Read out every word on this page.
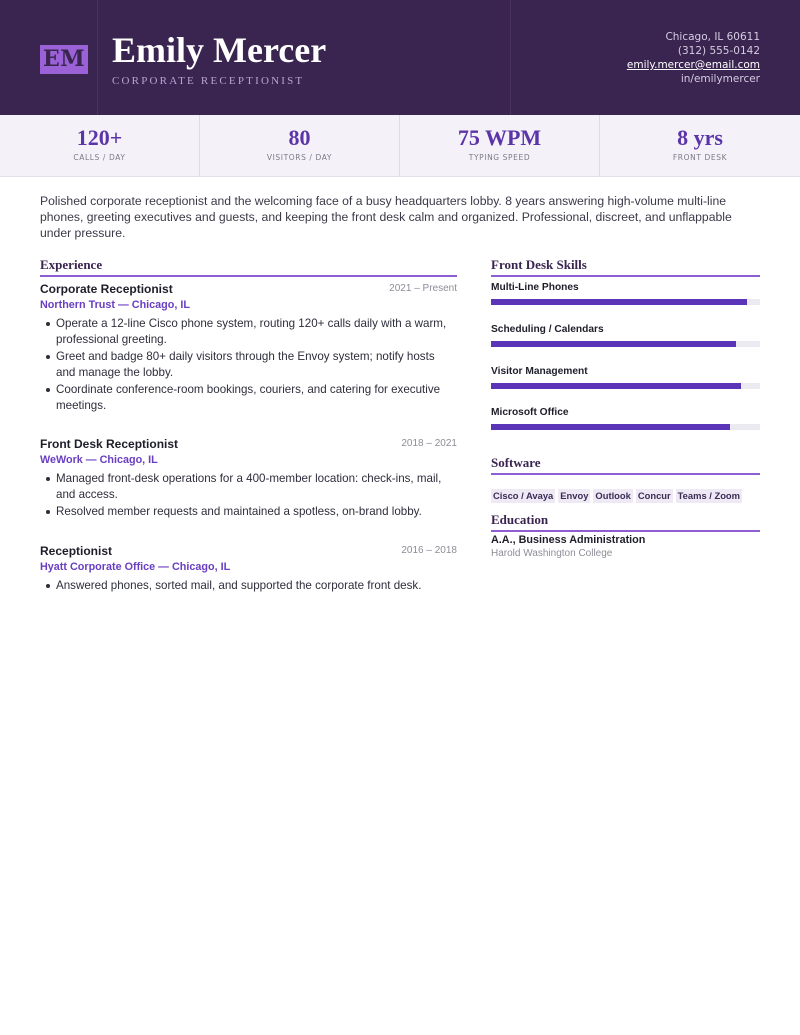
EM Emily Mercer
CORPORATE RECEPTIONIST
Chicago, IL 60611
(312) 555-0142
emily.mercer@email.com
in/emilymercer
120+
CALLS / DAY
80
VISITORS / DAY
75 WPM
TYPING SPEED
8 yrs
FRONT DESK
Polished corporate receptionist and the welcoming face of a busy headquarters lobby. 8 years answering high-volume multi-line phones, greeting executives and guests, and keeping the front desk calm and organized. Professional, discreet, and unflappable under pressure.
Experience
Corporate Receptionist	2021 – Present
Northern Trust — Chicago, IL
Operate a 12-line Cisco phone system, routing 120+ calls daily with a warm, professional greeting.
Greet and badge 80+ daily visitors through the Envoy system; notify hosts and manage the lobby.
Coordinate conference-room bookings, couriers, and catering for executive meetings.
Front Desk Receptionist	2018 – 2021
WeWork — Chicago, IL
Managed front-desk operations for a 400-member location: check-ins, mail, and access.
Resolved member requests and maintained a spotless, on-brand lobby.
Receptionist	2016 – 2018
Hyatt Corporate Office — Chicago, IL
Answered phones, sorted mail, and supported the corporate front desk.
Front Desk Skills
Multi-Line Phones
Scheduling / Calendars
Visitor Management
Microsoft Office
Software
Cisco / Avaya Envoy Outlook Concur Teams / Zoom
Education
A.A., Business Administration
Harold Washington College
